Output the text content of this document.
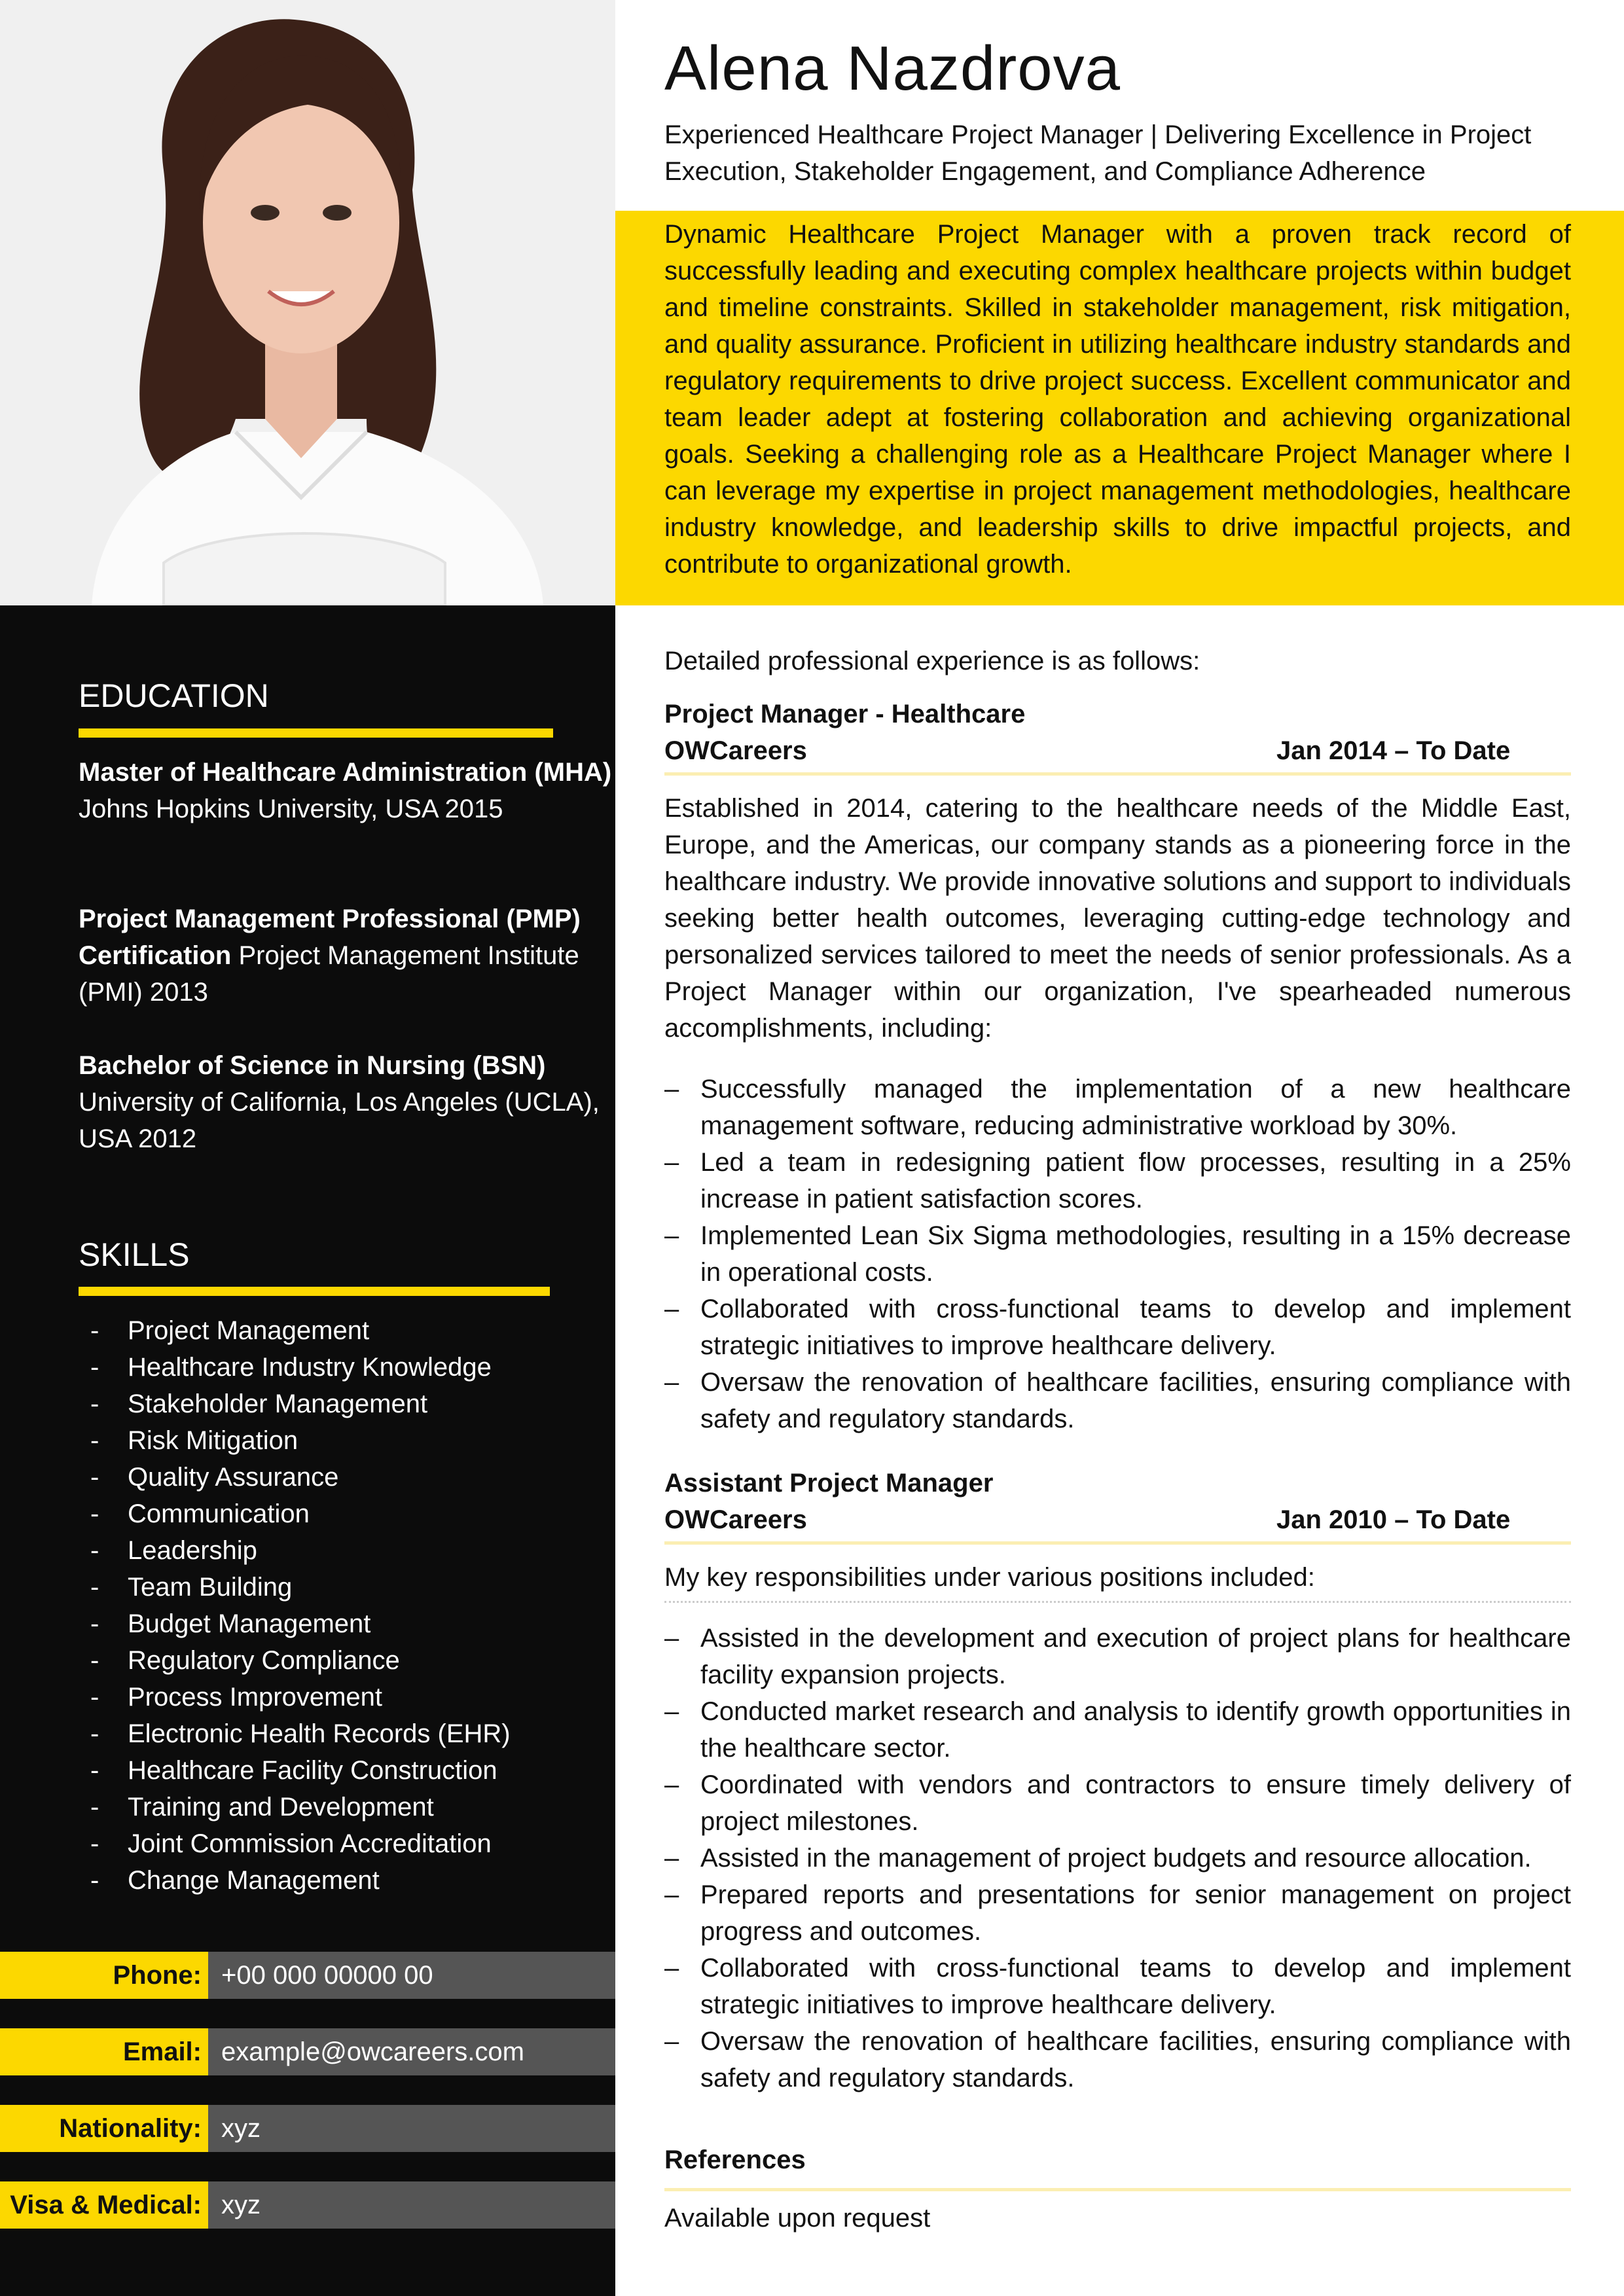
Alena Nazdrova
Experienced Healthcare Project Manager | Delivering Excellence in Project Execution, Stakeholder Engagement, and Compliance Adherence
Dynamic Healthcare Project Manager with a proven track record of successfully leading and executing complex healthcare projects within budget and timeline constraints. Skilled in stakeholder management, risk mitigation, and quality assurance. Proficient in utilizing healthcare industry standards and regulatory requirements to drive project success. Excellent communicator and team leader adept at fostering collaboration and achieving organizational goals. Seeking a challenging role as a Healthcare Project Manager where I can leverage my expertise in project management methodologies, healthcare industry knowledge, and leadership skills to drive impactful projects, and contribute to organizational growth.
EDUCATION
Master of Healthcare Administration (MHA) Johns Hopkins University, USA 2015
Project Management Professional (PMP) Certification Project Management Institute (PMI) 2013
Bachelor of Science in Nursing (BSN) University of California, Los Angeles (UCLA), USA 2012
SKILLS
- Project Management
- Healthcare Industry Knowledge
- Stakeholder Management
- Risk Mitigation
- Quality Assurance
- Communication
- Leadership
- Team Building
- Budget Management
- Regulatory Compliance
- Process Improvement
- Electronic Health Records (EHR)
- Healthcare Facility Construction
- Training and Development
- Joint Commission Accreditation
- Change Management
Phone: +00 000 00000 00
Email: example@owcareers.com
Nationality: xyz
Visa & Medical: xyz
Detailed professional experience is as follows:
Project Manager - Healthcare
OWCareers	Jan 2014 – To Date
Established in 2014, catering to the healthcare needs of the Middle East, Europe, and the Americas, our company stands as a pioneering force in the healthcare industry. We provide innovative solutions and support to individuals seeking better health outcomes, leveraging cutting-edge technology and personalized services tailored to meet the needs of senior professionals. As a Project Manager within our organization, I've spearheaded numerous accomplishments, including:
– Successfully managed the implementation of a new healthcare management software, reducing administrative workload by 30%.
– Led a team in redesigning patient flow processes, resulting in a 25% increase in patient satisfaction scores.
– Implemented Lean Six Sigma methodologies, resulting in a 15% decrease in operational costs.
– Collaborated with cross-functional teams to develop and implement strategic initiatives to improve healthcare delivery.
– Oversaw the renovation of healthcare facilities, ensuring compliance with safety and regulatory standards.
Assistant Project Manager
OWCareers	Jan 2010 – To Date
My key responsibilities under various positions included:
– Assisted in the development and execution of project plans for healthcare facility expansion projects.
– Conducted market research and analysis to identify growth opportunities in the healthcare sector.
– Coordinated with vendors and contractors to ensure timely delivery of project milestones.
– Assisted in the management of project budgets and resource allocation.
– Prepared reports and presentations for senior management on project progress and outcomes.
– Collaborated with cross-functional teams to develop and implement strategic initiatives to improve healthcare delivery.
– Oversaw the renovation of healthcare facilities, ensuring compliance with safety and regulatory standards.
References
Available upon request
